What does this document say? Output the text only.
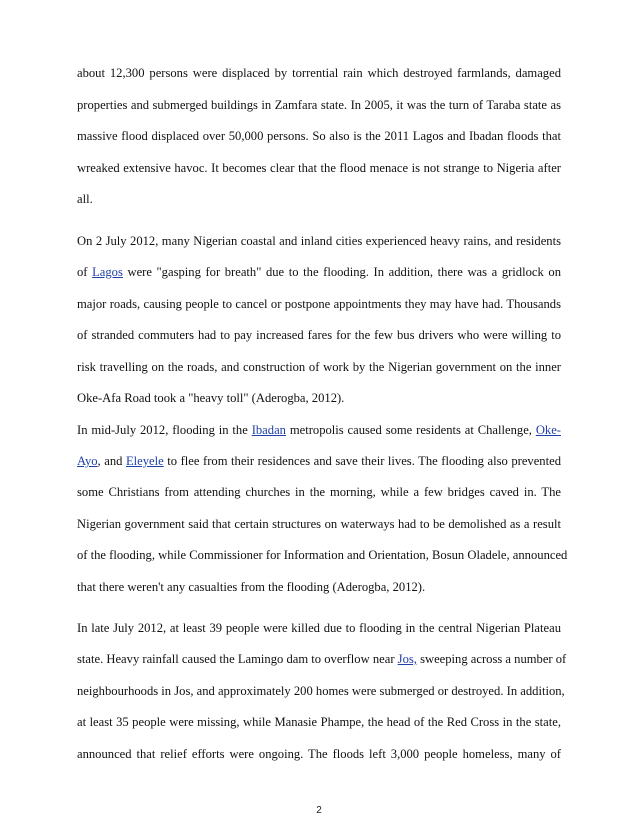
about 12,300 persons were displaced by torrential rain which destroyed farmlands, damaged
properties and submerged buildings in Zamfara state. In 2005, it was the turn of Taraba state as
massive flood displaced over 50,000 persons. So also is the 2011 Lagos and Ibadan floods that
wreaked extensive havoc. It becomes clear that the flood menace is not strange to Nigeria after
all.
On 2 July 2012, many Nigerian coastal and inland cities experienced heavy rains, and residents
of Lagos were "gasping for breath" due to the flooding. In addition, there was a gridlock on
major roads, causing people to cancel or postpone appointments they may have had. Thousands
of stranded commuters had to pay increased fares for the few bus drivers who were willing to
risk travelling on the roads, and construction of work by the Nigerian government on the inner
Oke-Afa Road took a "heavy toll" (Aderogba, 2012).
In mid-July 2012, flooding in the Ibadan metropolis caused some residents at Challenge, Oke-
Ayo, and Eleyele to flee from their residences and save their lives. The flooding also prevented
some Christians from attending churches in the morning, while a few bridges caved in. The
Nigerian government said that certain structures on waterways had to be demolished as a result
of the flooding, while Commissioner for Information and Orientation, Bosun Oladele, announced
that there weren't any casualties from the flooding (Aderogba, 2012).
In late July 2012, at least 39 people were killed due to flooding in the central Nigerian Plateau
state. Heavy rainfall caused the Lamingo dam to overflow near Jos, sweeping across a number of
neighbourhoods in Jos, and approximately 200 homes were submerged or destroyed. In addition,
at least 35 people were missing, while Manasie Phampe, the head of the Red Cross in the state,
announced that relief efforts were ongoing. The floods left 3,000 people homeless, many of
2
